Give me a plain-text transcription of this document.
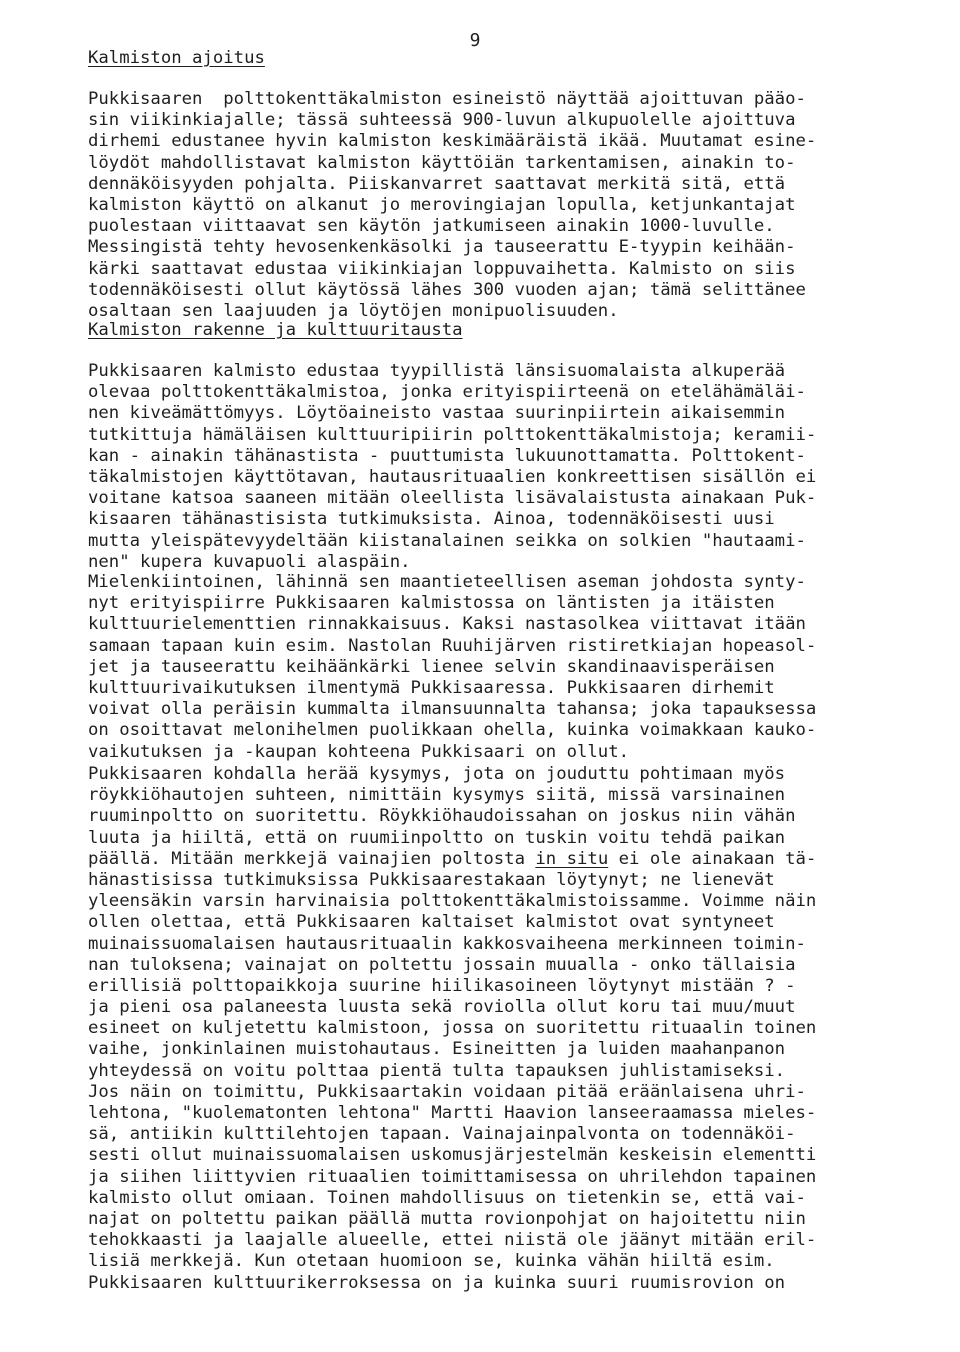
9
Kalmiston ajoitus
Pukkisaaren  polttokenttäkalmiston esineistö näyttää ajoittuvan pääo-
sin viikinkiajalle; tässä suhteessä 900-luvun alkupuolelle ajoittuva
dirhemi edustanee hyvin kalmiston keskimääräistä ikää. Muutamat esine-
löydöt mahdollistavat kalmiston käyttöiän tarkentamisen, ainakin to-
dennäköisyyden pohjalta. Piiskanvarret saattavat merkitä sitä, että
kalmiston käyttö on alkanut jo merovingiajan lopulla, ketjunkantajat
puolestaan viittaavat sen käytön jatkumiseen ainakin 1000-luvulle.
Messingistä tehty hevosenkenkäsolki ja tauseerattu E-tyypin keihään-
kärki saattavat edustaa viikinkiajan loppuvaihetta. Kalmisto on siis
todennäköisesti ollut käytössä lähes 300 vuoden ajan; tämä selittänee
osaltaan sen laajuuden ja löytöjen monipuolisuuden.
Kalmiston rakenne ja kulttuuritausta
Pukkisaaren kalmisto edustaa tyypillistä länsisuomalaista alkuperää
olevaa polttokenttäkalmistoa, jonka erityispiirteenä on etelähämäläi-
nen kiveämättömyys. Löytöaineisto vastaa suurinpiirtein aikaisemmin
tutkittuja hämäläisen kulttuuripiirin polttokenttäkalmistoja; keramii-
kan - ainakin tähänastista - puuttumista lukuunottamatta. Polttokent-
täkalmistojen käyttötavan, hautausrituaalien konkreettisen sisällön ei
voitane katsoa saaneen mitään oleellista lisävalaistusta ainakaan Puk-
kisaaren tähänastisista tutkimuksista. Ainoa, todennäköisesti uusi
mutta yleispätevyydeltään kiistanalainen seikka on solkien "hautaami-
nen" kupera kuvapuoli alaspäin.
Mielenkiintoinen, lähinnä sen maantieteellisen aseman johdosta synty-
nyt erityispiirre Pukkisaaren kalmistossa on läntisten ja itäisten
kulttuurielementtien rinnakkaisuus. Kaksi nastasolkea viittavat itään
samaan tapaan kuin esim. Nastolan Ruuhijärven ristiretkiajan hopeasol-
jet ja tauseerattu keihäänkärki lienee selvin skandinaavisperäisen
kulttuurivaikutuksen ilmentymä Pukkisaaressa. Pukkisaaren dirhemit
voivat olla peräisin kummalta ilmansuunnalta tahansa; joka tapauksessa
on osoittavat melonihelmen puolikkaan ohella, kuinka voimakkaan kauko-
vaikutuksen ja -kaupan kohteena Pukkisaari on ollut.
Pukkisaaren kohdalla herää kysymys, jota on jouduttu pohtimaan myös
röykkiöhautojen suhteen, nimittäin kysymys siitä, missä varsinainen
ruuminpoltto on suoritettu. Röykkiöhaudoissahan on joskus niin vähän
luuta ja hiiltä, että on ruumiinpoltto on tuskin voitu tehdä paikan
päällä. Mitään merkkejä vainajien poltosta in situ ei ole ainakaan tä-
hänastisissa tutkimuksissa Pukkisaarestakaan löytynyt; ne lienevät
yleensäkin varsin harvinaisia polttokenttäkalmistoissamme. Voimme näin
ollen olettaa, että Pukkisaaren kaltaiset kalmistot ovat syntyneet
muinaissuomalaisen hautausrituaalin kakkosvaiheena merkinneen toimin-
nan tuloksena; vainajat on poltettu jossain muualla - onko tällaisia
erillisiä polttopaikkoja suurine hiilikasoineen löytynyt mistään ? -
ja pieni osa palaneesta luusta sekä roviolla ollut koru tai muu/muut
esineet on kuljetettu kalmistoon, jossa on suoritettu rituaalin toinen
vaihe, jonkinlainen muistohautaus. Esineitten ja luiden maahanpanon
yhteydessä on voitu polttaa pientä tulta tapauksen juhlistamiseksi.
Jos näin on toimittu, Pukkisaartakin voidaan pitää eräänlaisena uhri-
lehtona, "kuolematonten lehtona" Martti Haavion lanseeraamassa mieles-
sä, antiikin kulttilehtojen tapaan. Vainajainpalvonta on todennäköi-
sesti ollut muinaissuomalaisen uskomusjärjestelmän keskeisin elementti
ja siihen liittyvien rituaalien toimittamisessa on uhrilehdon tapainen
kalmisto ollut omiaan. Toinen mahdollisuus on tietenkin se, että vai-
najat on poltettu paikan päällä mutta rovionpohjat on hajoitettu niin
tehokkaasti ja laajalle alueelle, ettei niistä ole jäänyt mitään eril-
lisiä merkkejä. Kun otetaan huomioon se, kuinka vähän hiiltä esim.
Pukkisaaren kulttuurikerroksessa on ja kuinka suuri ruumisrovion on
